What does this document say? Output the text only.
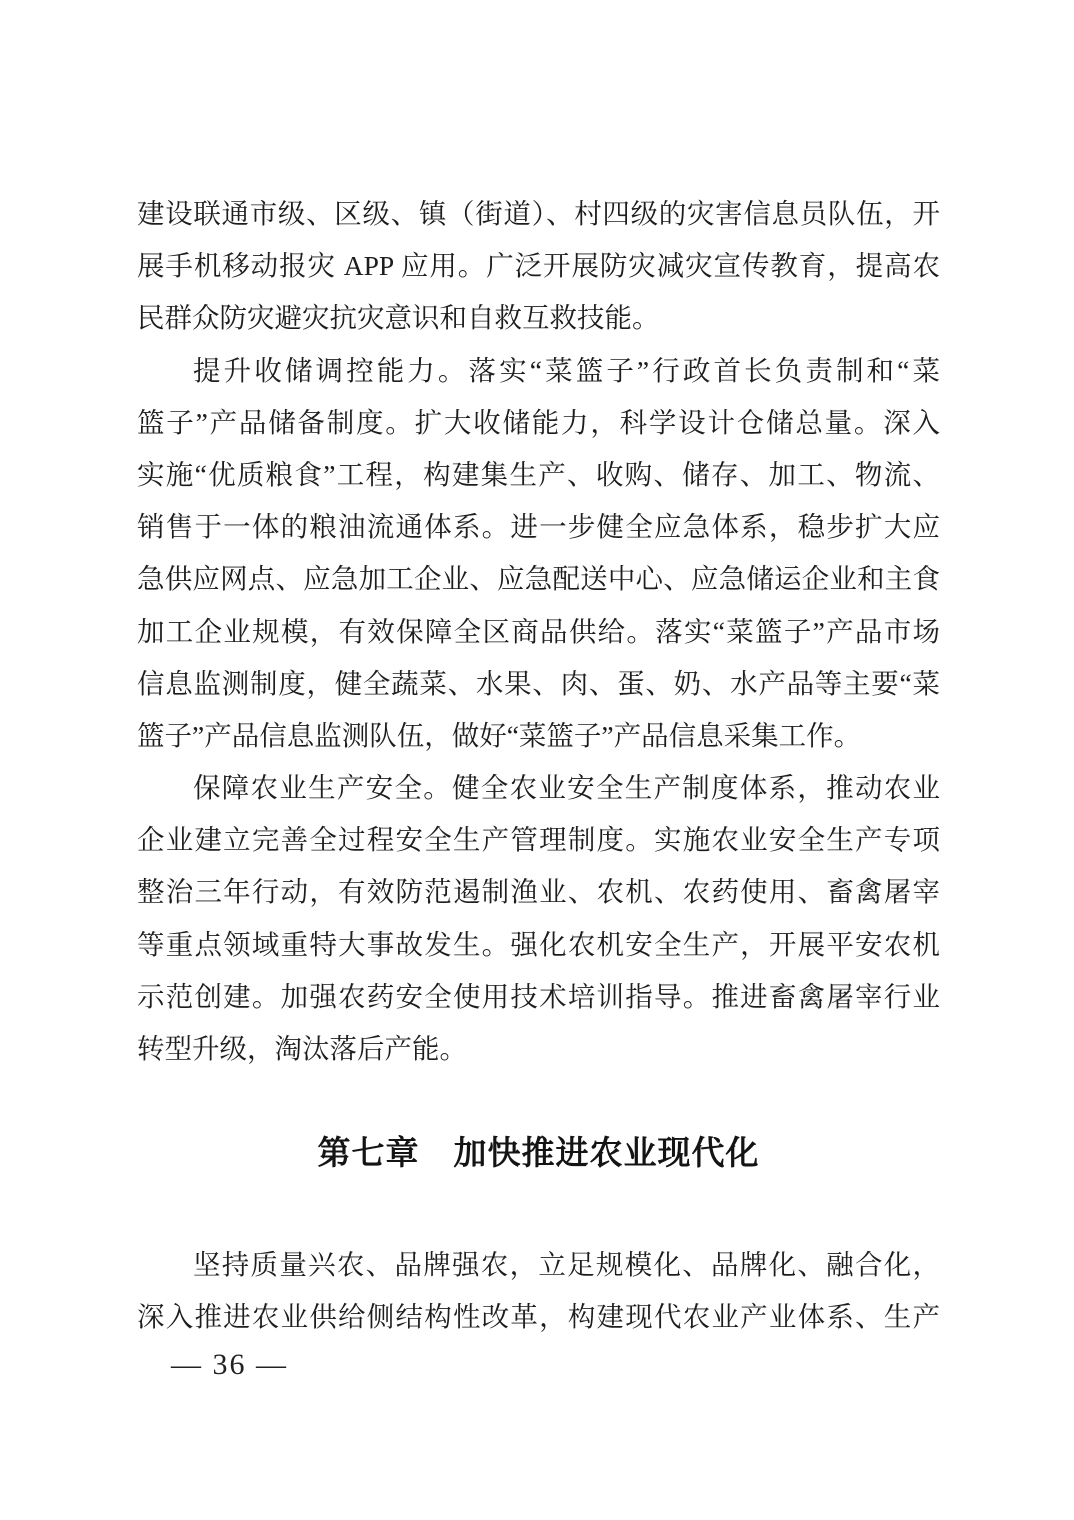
建设联通市级、区级、镇（街道）、村四级的灾害信息员队伍，开
展手机移动报灾 APP 应用。广泛开展防灾减灾宣传教育，提高农
民群众防灾避灾抗灾意识和自救互救技能。
提升收储调控能力。落实“菜篮子”行政首长负责制和“菜
篮子”产品储备制度。扩大收储能力，科学设计仓储总量。深入
实施“优质粮食”工程，构建集生产、收购、储存、加工、物流、
销售于一体的粮油流通体系。进一步健全应急体系，稳步扩大应
急供应网点、应急加工企业、应急配送中心、应急储运企业和主食
加工企业规模，有效保障全区商品供给。落实“菜篮子”产品市场
信息监测制度，健全蔬菜、水果、肉、蛋、奶、水产品等主要“菜
篮子”产品信息监测队伍，做好“菜篮子”产品信息采集工作。
保障农业生产安全。健全农业安全生产制度体系，推动农业
企业建立完善全过程安全生产管理制度。实施农业安全生产专项
整治三年行动，有效防范遏制渔业、农机、农药使用、畜禽屠宰
等重点领域重特大事故发生。强化农机安全生产，开展平安农机
示范创建。加强农药安全使用技术培训指导。推进畜禽屠宰行业
转型升级，淘汰落后产能。
第七章　加快推进农业现代化
坚持质量兴农、品牌强农，立足规模化、品牌化、融合化，
深入推进农业供给侧结构性改革，构建现代农业产业体系、生产
— 36 —
